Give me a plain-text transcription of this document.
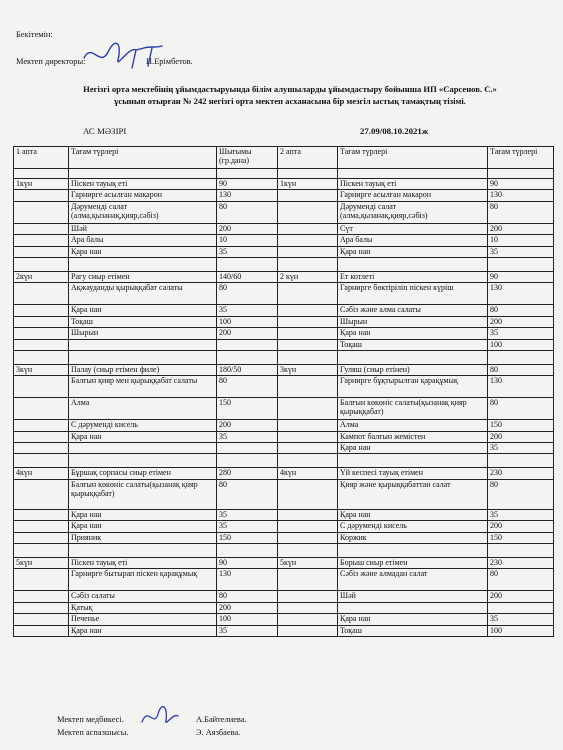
Бекітемін:
Мектеп директоры:	П.Ерімбетов.
Негізгі орта мектебінің ұйымдастыруында білім алушыларды ұйымдастыру бойынша ИП «Сарсенов. С.»
ұсынып отырған № 242 негізгі орта мектеп асханасына бір мезгіл ыстық тамақтың тізімі.
АС МӘЗІРІ	27.09/08.10.2021ж
1 апта	Тағам түрлері	Шығымы (гр.дана)	2 апта	Тағам түрлері	Тағам түрлері

1күн	Піскен тауық еті	90	1күн	Піскен тауық еті	90
	Гарнирге асылған макарон	130		Гарнирге асылған макарон	130
	Дәруменді салат (алма,қызанақ,қияр,сәбіз)	80		Дәрумендi салат (алма,қызанақ,қияр,сәбіз)	80
	Шәй	200		Сүт	200
	Ара балы	10		Ара балы	10
	Қара нан	35		Қара нан	35

2күн	Рагу сиыр етімен	140/60	2 күн	Ет котлеті	90
	Ақжауданды қырыққабат салаты	80		Гарнирге бөктіріліп піскен күріш	130
	Қара нан	35		Сәбіз және алма салаты	80
	Тоқаш	100		Шырын	200
	Шырын	200		Қара нан	35
				Тоқаш	100

3күн	Палау (сиыр етімен филе)	180/50	3күн	Гуляш (сиыр етінен)	80
	Балғын қияр мен қырыққабат салаты	80		Гарнирге бұқтырылған қарақұмық	130
	Алма	150		Балғын көкөніс салаты(қызанақ қияр қырыққабат)	80
	С дәрумендi кисель	200		Алма	150
	Қара нан	35		Кампот балғын жемістен	200
				Қара нан	35

4күн	Бұршақ сорпасы сиыр етімен	280	4күн	Үй кеспесі тауық етімен	230
	Балғын көкөніс салаты(қызанақ қияр қырыққабат)	80		Қияр және қырыққабаттан салат	80
	Қара нан	35		Қара нан	35
	Қара нан	35		С дәрумендi кисель	200
	Прияник	150		Коржик	150

5күн	Піскен тауық еті	90	5күн	Борыш сиыр етімен	230
	Гарнирге бытырап піскен қарақұмық	130		Сәбіз және алмадан салат	80
	Сәбіз салаты	80		Шәй	200
	Қатық	200			
	Печенье	100		Қара нан	35
	Қара нан	35		Тоқаш	100
Мектеп медбикесі.	А.Байтелиева.
Мектеп аспазшысы.	Э. Аязбаева.
